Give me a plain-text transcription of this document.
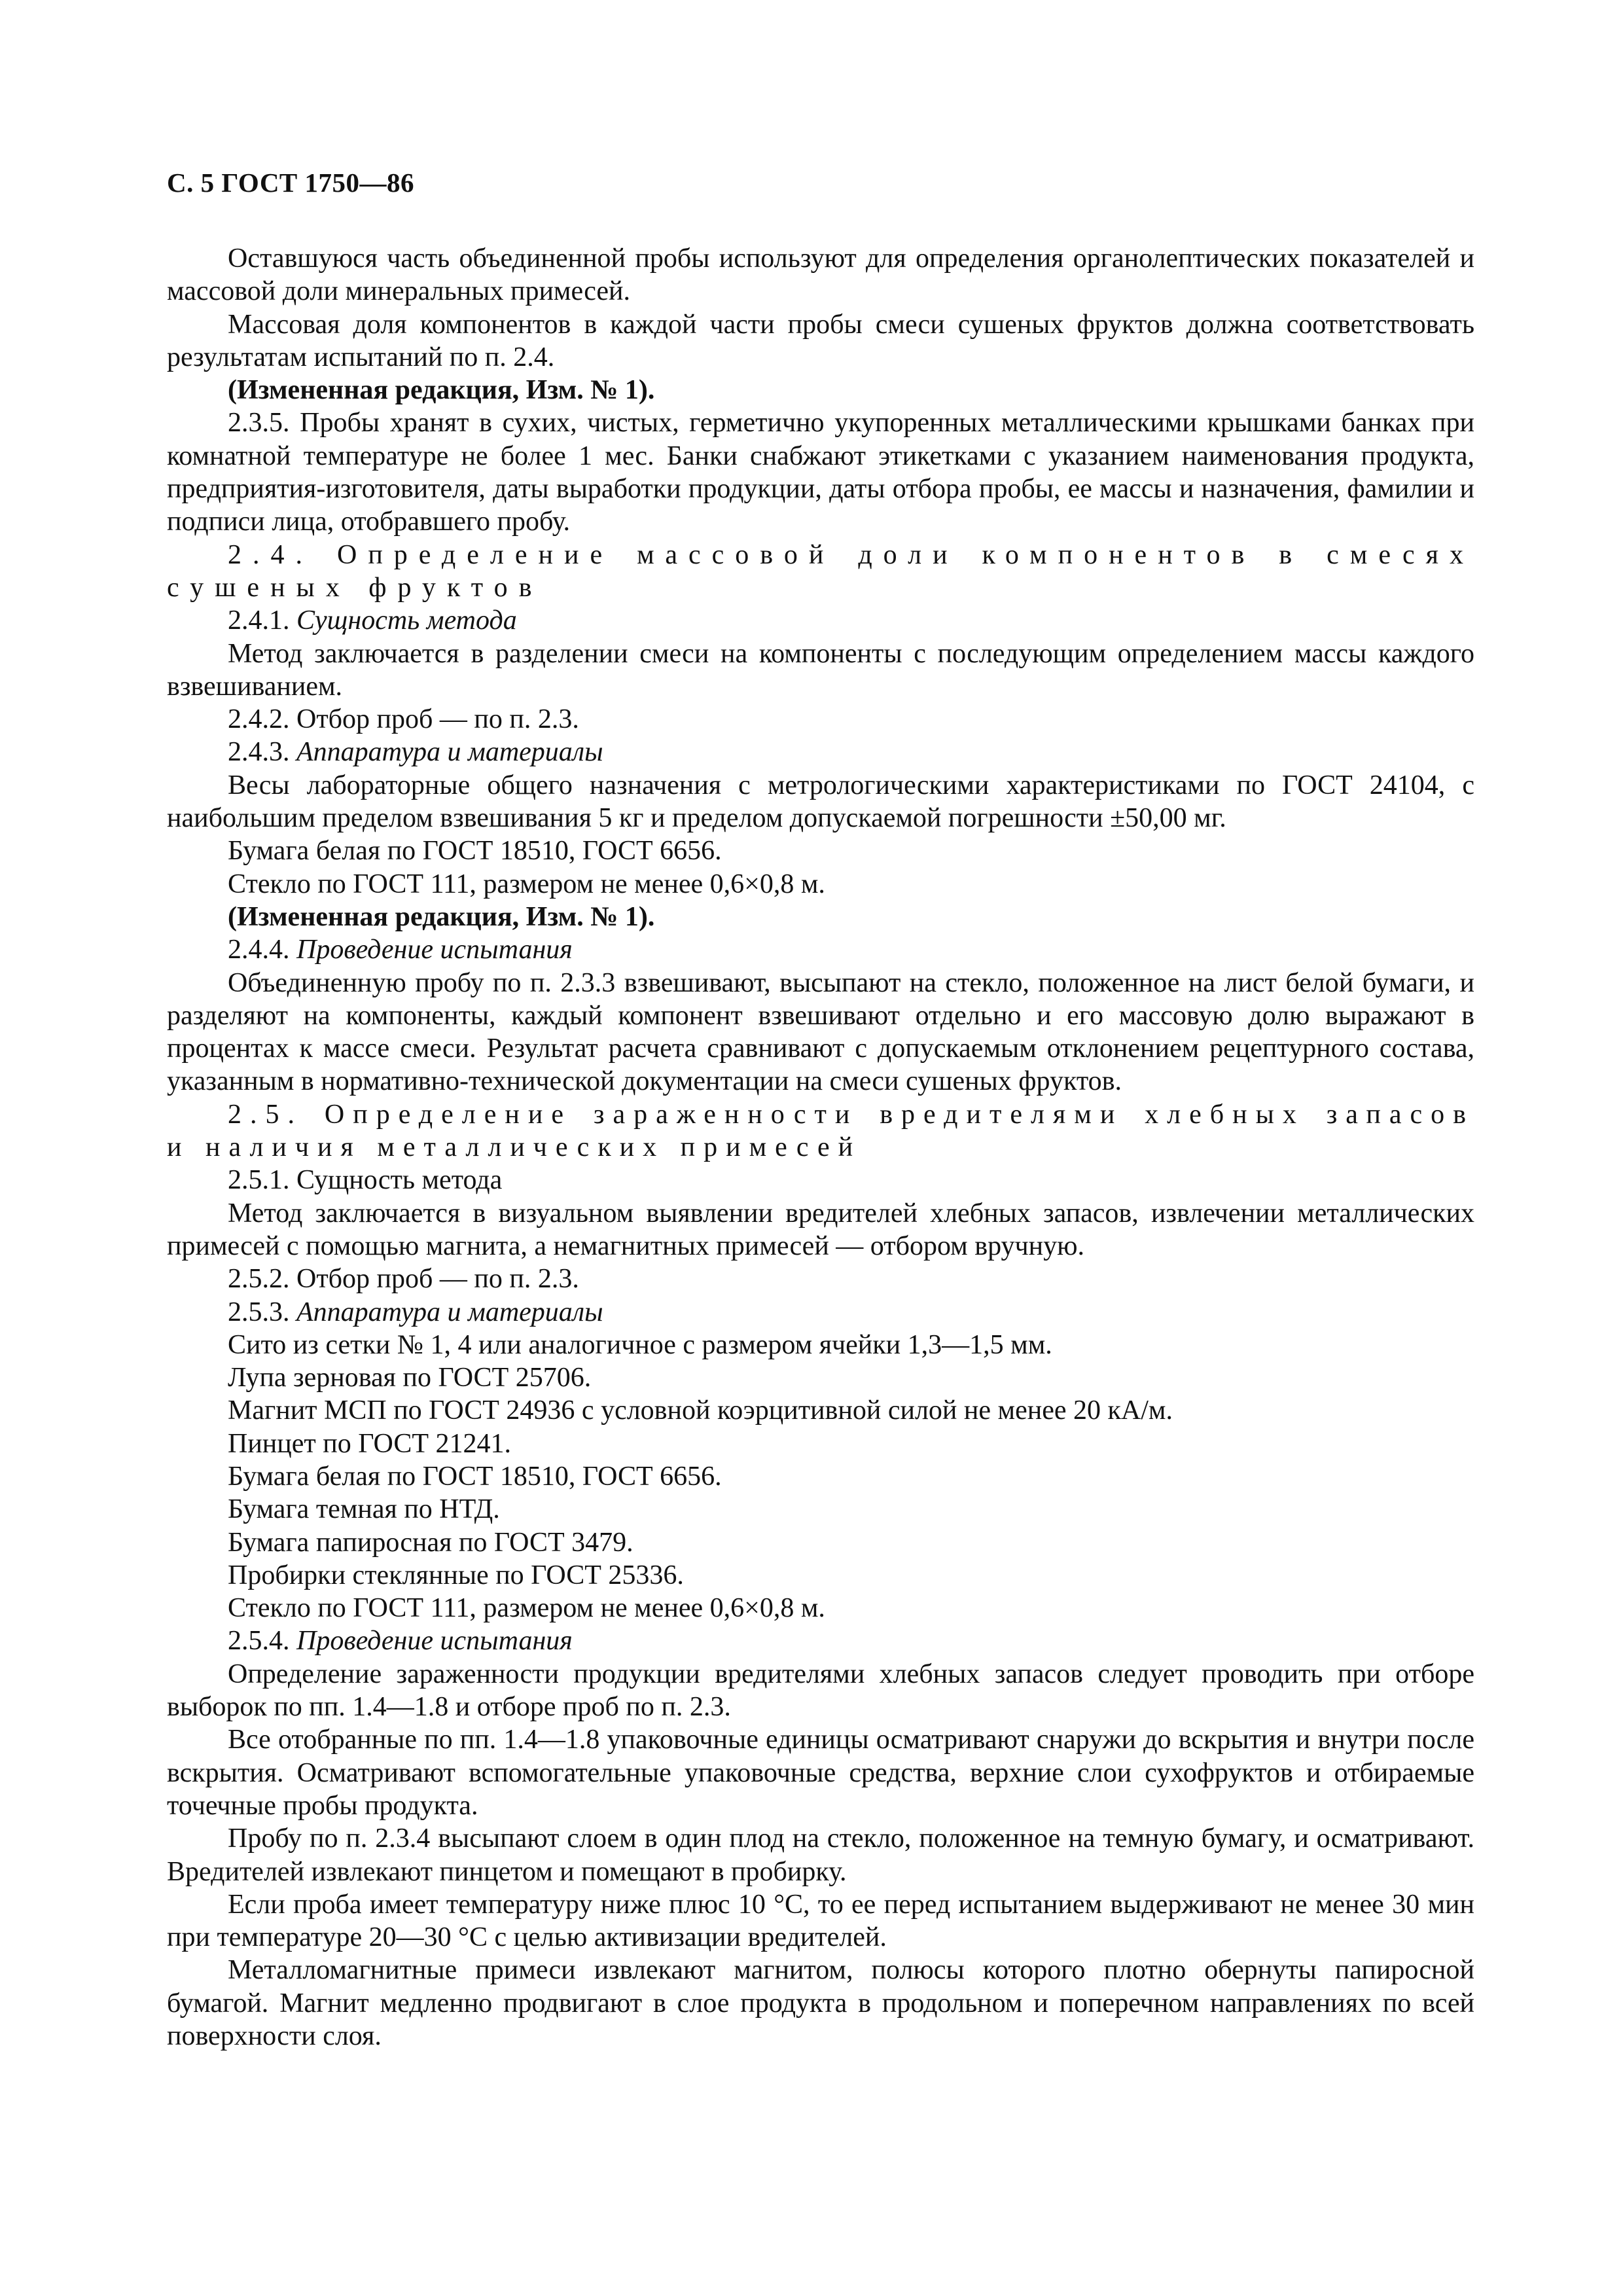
С. 5 ГОСТ 1750—86

Оставшуюся часть объединенной пробы используют для определения органолептических показателей и массовой доли минеральных примесей.

Массовая доля компонентов в каждой части пробы смеси сушеных фруктов должна соответствовать результатам испытаний по п. 2.4.

(Измененная редакция, Изм. № 1).

2.3.5. Пробы хранят в сухих, чистых, герметично укупоренных металлическими крышками банках при комнатной температуре не более 1 мес. Банки снабжают этикетками с указанием наименования продукта, предприятия-изготовителя, даты выработки продукции, даты отбора пробы, ее массы и назначения, фамилии и подписи лица, отобравшего пробу.

2.4. Определение массовой доли компонентов в смесях сушеных фруктов

2.4.1. Сущность метода

Метод заключается в разделении смеси на компоненты с последующим определением массы каждого взвешиванием.

2.4.2. Отбор проб — по п. 2.3.

2.4.3. Аппаратура и материалы

Весы лабораторные общего назначения с метрологическими характеристиками по ГОСТ 24104, с наибольшим пределом взвешивания 5 кг и пределом допускаемой погрешности ±50,00 мг.

Бумага белая по ГОСТ 18510, ГОСТ 6656.

Стекло по ГОСТ 111, размером не менее 0,6×0,8 м.

(Измененная редакция, Изм. № 1).

2.4.4. Проведение испытания

Объединенную пробу по п. 2.3.3 взвешивают, высыпают на стекло, положенное на лист белой бумаги, и разделяют на компоненты, каждый компонент взвешивают отдельно и его массовую долю выражают в процентах к массе смеси. Результат расчета сравнивают с допускаемым отклонением рецептурного состава, указанным в нормативно-технической документации на смеси сушеных фруктов.

2.5. Определение зараженности вредителями хлебных запасов и наличия металлических примесей

2.5.1. Сущность метода

Метод заключается в визуальном выявлении вредителей хлебных запасов, извлечении металлических примесей с помощью магнита, а немагнитных примесей — отбором вручную.

2.5.2. Отбор проб — по п. 2.3.

2.5.3. Аппаратура и материалы

Сито из сетки № 1, 4 или аналогичное с размером ячейки 1,3—1,5 мм.

Лупа зерновая по ГОСТ 25706.

Магнит МСП по ГОСТ 24936 с условной коэрцитивной силой не менее 20 кА/м.

Пинцет по ГОСТ 21241.

Бумага белая по ГОСТ 18510, ГОСТ 6656.

Бумага темная по НТД.

Бумага папиросная по ГОСТ 3479.

Пробирки стеклянные по ГОСТ 25336.

Стекло по ГОСТ 111, размером не менее 0,6×0,8 м.

2.5.4. Проведение испытания

Определение зараженности продукции вредителями хлебных запасов следует проводить при отборе выборок по пп. 1.4—1.8 и отборе проб по п. 2.3.

Все отобранные по пп. 1.4—1.8 упаковочные единицы осматривают снаружи до вскрытия и внутри после вскрытия. Осматривают вспомогательные упаковочные средства, верхние слои сухофруктов и отбираемые точечные пробы продукта.

Пробу по п. 2.3.4 высыпают слоем в один плод на стекло, положенное на темную бумагу, и осматривают. Вредителей извлекают пинцетом и помещают в пробирку.

Если проба имеет температуру ниже плюс 10 °С, то ее перед испытанием выдерживают не менее 30 мин при температуре 20—30 °С с целью активизации вредителей.

Металломагнитные примеси извлекают магнитом, полюсы которого плотно обернуты папиросной бумагой. Магнит медленно продвигают в слое продукта в продольном и поперечном направлениях по всей поверхности слоя.
